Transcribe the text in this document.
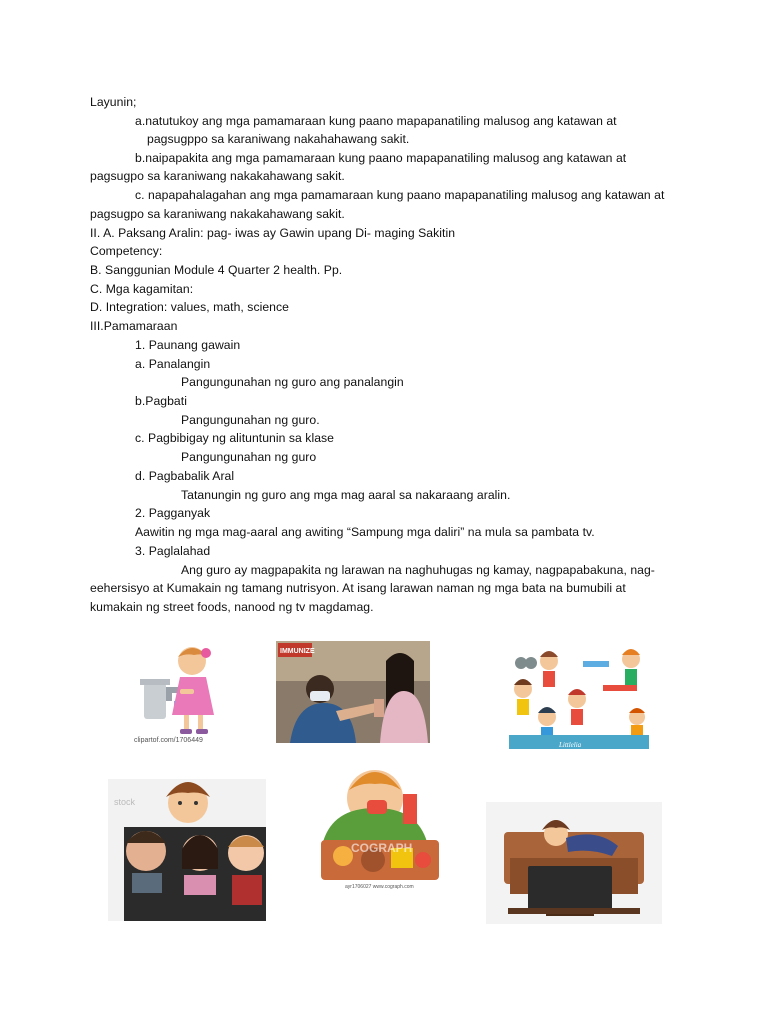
Layunin;
a.natutukoy ang mga pamamaraan kung paano mapapanatiling malusog ang katawan at
pagsugppo sa karaniwang nakahahawang sakit.
b.naipapakita ang mga pamamaraan kung paano mapapanatiling malusog ang katawan at
pagsugpo sa karaniwang nakakahawang sakit.
c. napapahalagahan ang mga pamamaraan kung paano mapapanatiling malusog ang katawan at
pagsugpo sa karaniwang nakakahawang sakit.
II. A. Paksang Aralin: pag- iwas ay Gawin upang Di- maging Sakitin
Competency:
B. Sanggunian Module 4 Quarter 2 health. Pp.
C. Mga kagamitan:
D. Integration: values, math, science
III.Pamamaraan
1. Paunang gawain
a. Panalangin
Pangungunahan ng guro ang panalangin
b.Pagbati
Pangungunahan ng guro.
c. Pagbibigay ng alituntunin sa klase
Pangungunahan ng guro
d. Pagbabalik Aral
Tatanungin ng guro ang mga mag aaral sa nakaraang aralin.
2. Pagganyak
Aawitin ng mga mag-aaral ang awiting “Sampung mga daliri” na mula sa pambata tv.
3. Paglalahad
Ang guro ay magpapakita ng larawan na naghuhugas ng kamay, nagpapabakuna, nag-
eehersisyo at Kumakain ng tamang nutrisyon. At isang larawan naman ng mga bata na bumubili at
kumakain ng street foods, nanood ng tv magdamag.
clipartof.com/1706449
IMMUNIZE
Littlelia
stock
COGRAPH
ayr1706027 www.cograph.com
